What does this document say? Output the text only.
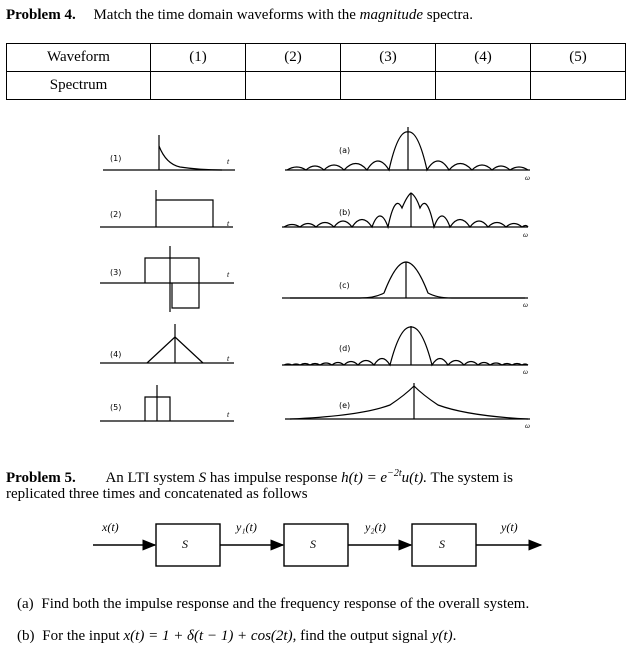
Problem 4. Match the time domain waveforms with the magnitude spectra.
Waveform	(1)	(2)	(3)	(4)	(5)
Spectrum					
(1)
(2)
(3)
(4)
(5)
t
t
t
t
t
(a)
(b)
(c)
(d)
(e)
ω
ω
ω
ω
ω
Problem 5. An LTI system S has impulse response $h(t) = e^{-2t}u(t)$. The system is
replicated three times and concatenated as follows
x(t)
S
y₁(t)
S
y₂(t)
S
y(t)
(a) Find both the impulse response and the frequency response of the overall system.
(b) For the input x(t) = 1 + δ(t − 1) + cos(2t), find the output signal y(t).
